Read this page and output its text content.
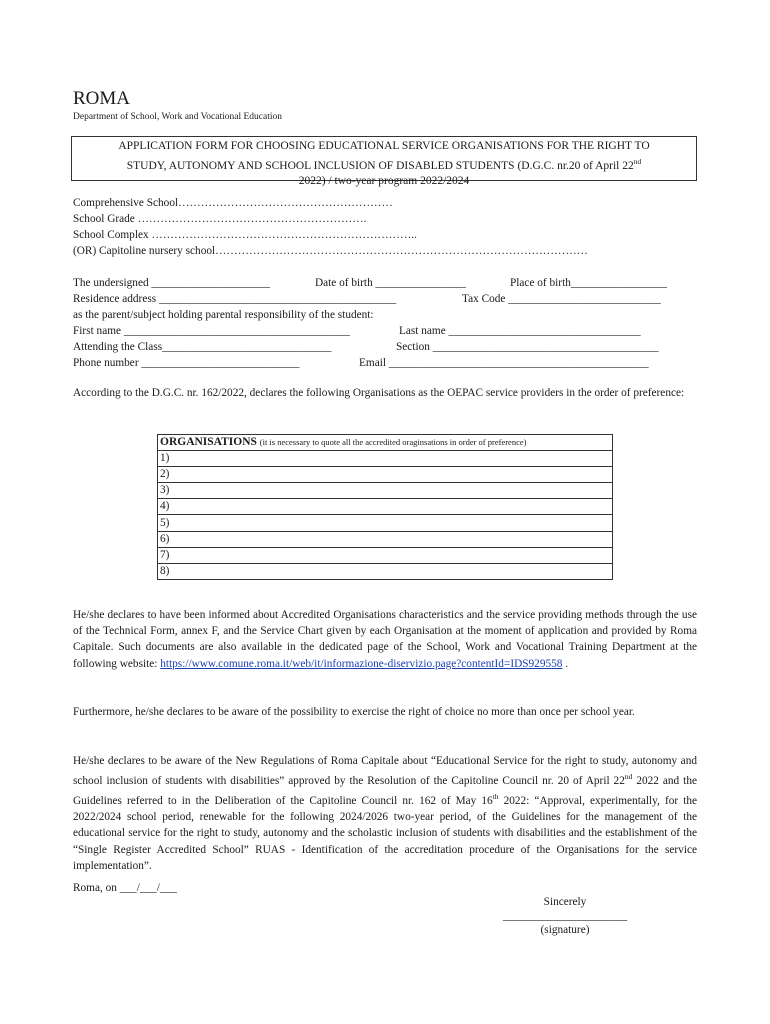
ROMA
Department of School, Work and Vocational Education
APPLICATION FORM FOR CHOOSING EDUCATIONAL SERVICE ORGANISATIONS FOR THE RIGHT TO
STUDY, AUTONOMY AND SCHOOL INCLUSION OF DISABLED STUDENTS (D.G.C. nr.20 of April 22nd
2022) / two-year program 2022/2024
Comprehensive School…………………………………………………
School Grade …………………………………………………….
School Complex ……………………………………………………………..
(OR) Capitoline nursery school………………………………………………………………………………………
The undersigned _____________________	Date of birth ________________	Place of birth_________________
Residence address __________________________________________	Tax Code ___________________________
as the parent/subject holding parental responsibility of the student:
First name ________________________________________	Last name __________________________________
Attending the Class______________________________	Section ________________________________________
Phone number ____________________________	Email ______________________________________________
According to the D.G.C. nr. 162/2022, declares the following Organisations as the OEPAC service providers in the order of preference:
ORGANISATIONS (it is necessary to quote all the accredited oraginsations in order of preference)
1)
2)
3)
4)
5)
6)
7)
8)
He/she declares to have been informed about Accredited Organisations characteristics and the service providing methods through the use of the Technical Form, annex F, and the Service Chart given by each Organisation at the moment of application and provided by Roma Capitale. Such documents are also available in the dedicated page of the School, Work and Vocational Training Department at the following website: https://www.comune.roma.it/web/it/informazione-diservizio.page?contentId=IDS929558 .
Furthermore, he/she declares to be aware of the possibility to exercise the right of choice no more than once per school year.
He/she declares to be aware of the New Regulations of Roma Capitale about “Educational Service for the right to study, autonomy and school inclusion of students with disabilities” approved by the Resolution of the Capitoline Council nr. 20 of April 22nd 2022 and the Guidelines referred to in the Deliberation of the Capitoline Council nr. 162 of May 16th 2022: “Approval, experimentally, for the 2022/2024 school period, renewable for the following 2024/2026 two-year period, of the Guidelines for the management of the educational service for the right to study, autonomy and the scholastic inclusion of students with disabilities and the establishment of the “Single Register Accredited School” RUAS - Identification of the accreditation procedure of the Organisations for the service implementation”.
Roma, on ___/___/___
Sincerely
______________________
(signature)
